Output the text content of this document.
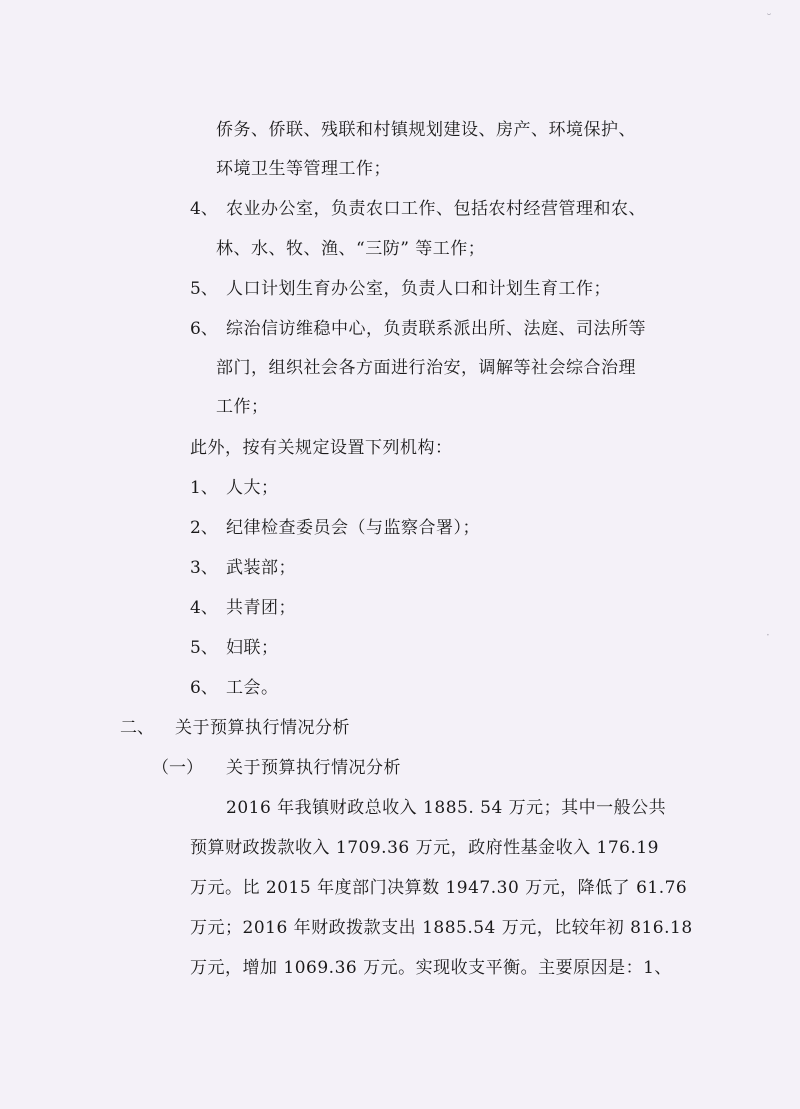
˘
·
侨务、侨联、残联和村镇规划建设、房产、环境保护、
环境卫生等管理工作；
4、 农业办公室，负责农口工作、包括农村经营管理和农、
林、水、牧、渔、“三防” 等工作；
5、 人口计划生育办公室，负责人口和计划生育工作；
6、 综治信访维稳中心，负责联系派出所、法庭、司法所等
部门，组织社会各方面进行治安，调解等社会综合治理
工作；
此外，按有关规定设置下列机构：
1、 人大；
2、 纪律检查委员会（与监察合署）；
3、 武装部；
4、 共青团；
5、 妇联；
6、 工会。
二、 关于预算执行情况分析
（一） 关于预算执行情况分析
2016 年我镇财政总收入 1885. 54 万元；其中一般公共
预算财政拨款收入 1709.36 万元，政府性基金收入 176.19
万元。比 2015 年度部门决算数 1947.30 万元，降低了 61.76
万元；2016 年财政拨款支出 1885.54 万元，比较年初 816.18
万元，增加 1069.36 万元。实现收支平衡。主要原因是：1、
